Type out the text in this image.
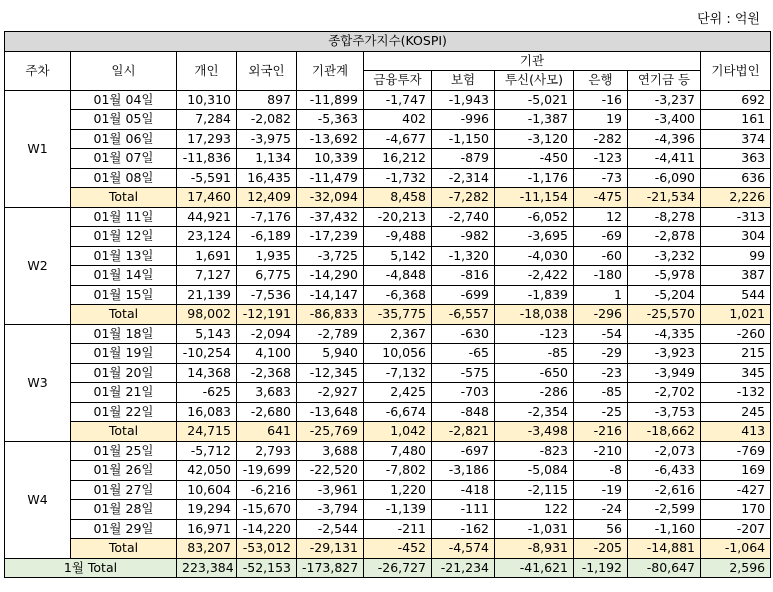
단위 : 억원
종합주가지수(KOSPI)										
주차	일시	개인	외국인	기관계	기관					기타법인
					금융투자	보험	투신(사모)	은행	연기금 등	
W1	01월 04일	10,310	897	-11,899	-1,747	-1,943	-5,021	-16	-3,237	692
	01월 05일	7,284	-2,082	-5,363	402	-996	-1,387	19	-3,400	161
	01월 06일	17,293	-3,975	-13,692	-4,677	-1,150	-3,120	-282	-4,396	374
	01월 07일	-11,836	1,134	10,339	16,212	-879	-450	-123	-4,411	363
	01월 08일	-5,591	16,435	-11,479	-1,732	-2,314	-1,176	-73	-6,090	636
	Total	17,460	12,409	-32,094	8,458	-7,282	-11,154	-475	-21,534	2,226
W2	01월 11일	44,921	-7,176	-37,432	-20,213	-2,740	-6,052	12	-8,278	-313
	01월 12일	23,124	-6,189	-17,239	-9,488	-982	-3,695	-69	-2,878	304
	01월 13일	1,691	1,935	-3,725	5,142	-1,320	-4,030	-60	-3,232	99
	01월 14일	7,127	6,775	-14,290	-4,848	-816	-2,422	-180	-5,978	387
	01월 15일	21,139	-7,536	-14,147	-6,368	-699	-1,839	1	-5,204	544
	Total	98,002	-12,191	-86,833	-35,775	-6,557	-18,038	-296	-25,570	1,021
W3	01월 18일	5,143	-2,094	-2,789	2,367	-630	-123	-54	-4,335	-260
	01월 19일	-10,254	4,100	5,940	10,056	-65	-85	-29	-3,923	215
	01월 20일	14,368	-2,368	-12,345	-7,132	-575	-650	-23	-3,949	345
	01월 21일	-625	3,683	-2,927	2,425	-703	-286	-85	-2,702	-132
	01월 22일	16,083	-2,680	-13,648	-6,674	-848	-2,354	-25	-3,753	245
	Total	24,715	641	-25,769	1,042	-2,821	-3,498	-216	-18,662	413
W4	01월 25일	-5,712	2,793	3,688	7,480	-697	-823	-210	-2,073	-769
	01월 26일	42,050	-19,699	-22,520	-7,802	-3,186	-5,084	-8	-6,433	169
	01월 27일	10,604	-6,216	-3,961	1,220	-418	-2,115	-19	-2,616	-427
	01월 28일	19,294	-15,670	-3,794	-1,139	-111	122	-24	-2,599	170
	01월 29일	16,971	-14,220	-2,544	-211	-162	-1,031	56	-1,160	-207
	Total	83,207	-53,012	-29,131	-452	-4,574	-8,931	-205	-14,881	-1,064
1월 Total		223,384	-52,153	-173,827	-26,727	-21,234	-41,621	-1,192	-80,647	2,596
